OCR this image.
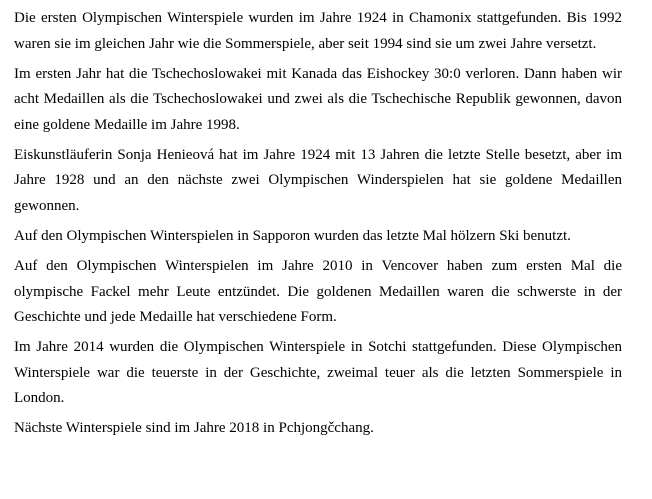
Die ersten Olympischen Winterspiele wurden im Jahre 1924 in Chamonix stattgefunden. Bis 1992 waren sie im gleichen Jahr wie die Sommerspiele, aber seit 1994 sind sie um zwei Jahre versetzt.

Im ersten Jahr hat die Tschechoslowakei mit Kanada das Eishockey 30:0 verloren. Dann haben wir acht Medaillen als die Tschechoslowakei und zwei als die Tschechische Republik gewonnen, davon eine goldene Medaille im Jahre 1998.

Eiskunstläuferin Sonja Henieová hat im Jahre 1924 mit 13 Jahren die letzte Stelle besetzt, aber im Jahre 1928 und an den nächste zwei Olympischen Winderspielen hat sie goldene Medaillen gewonnen.

Auf den Olympischen Winterspielen in Sapporon wurden das letzte Mal hölzern Ski benutzt.

Auf den Olympischen Winterspielen im Jahre 2010 in Vencover haben zum ersten Mal die olympische Fackel mehr Leute entzündet. Die goldenen Medaillen waren die schwerste in der Geschichte und jede Medaille hat verschiedene Form.

Im Jahre 2014 wurden die Olympischen Winterspiele in Sotchi stattgefunden. Diese Olympischen Winterspiele war die teuerste in der Geschichte, zweimal teuer als die letzten Sommerspiele in London.

Nächste Winterspiele sind im Jahre 2018 in Pchjongčchang.
